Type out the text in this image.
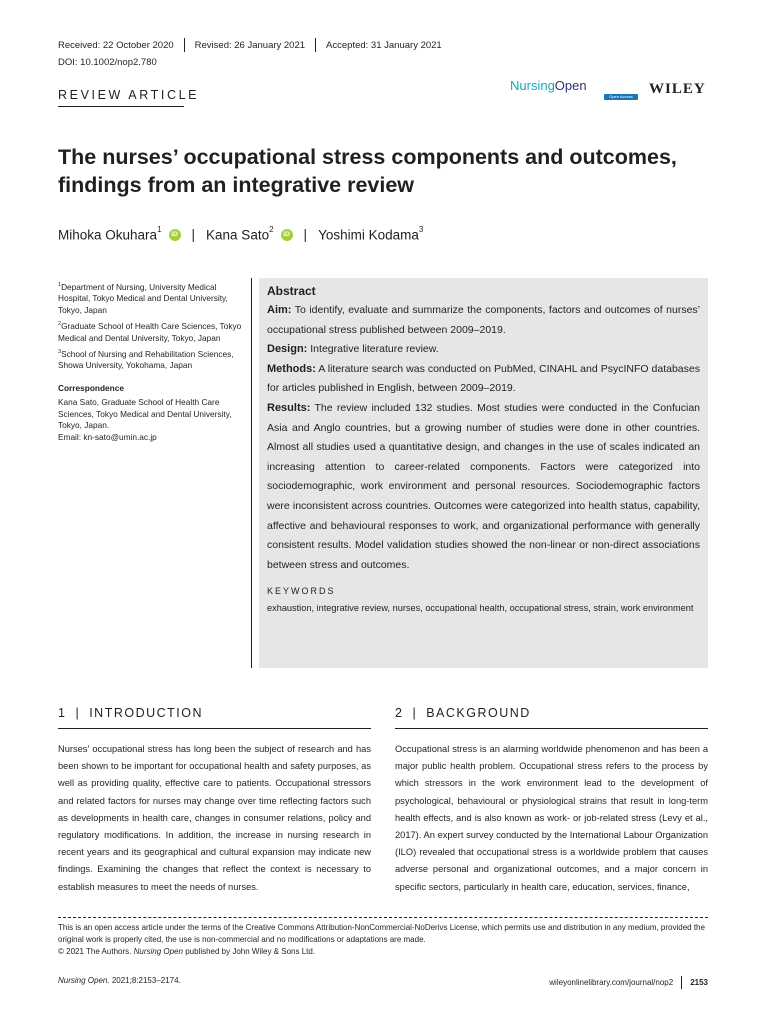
Received: 22 October 2020 Revised: 26 January 2021 Accepted: 31 January 2021
DOI: 10.1002/nop2.780
REVIEW ARTICLE
NursingOpen
Open Access	WILEY
The nurses’ occupational stress components and outcomes, findings from an integrative review
Mihoka Okuhara$^1$
iD | Kana Sato$^2$
iD | Yoshimi Kodama$^3$

$^1$Department of Nursing, University Medical Hospital, Tokyo Medical and Dental University, Tokyo, Japan

$^2$Graduate School of Health Care Sciences, Tokyo Medical and Dental University, Tokyo, Japan

$^3$School of Nursing and Rehabilitation Sciences, Showa University, Yokohama, Japan

Correspondence

Kana Sato, Graduate School of Health Care Sciences, Tokyo Medical and Dental University, Tokyo, Japan.
Email: kn-sato@umin.ac.jp

Abstract

Aim: To identify, evaluate and summarize the components, factors and outcomes of nurses’ occupational stress published between 2009–2019.

Design: Integrative literature review.

Methods: A literature search was conducted on PubMed, CINAHL and PsycINFO databases for articles published in English, between 2009–2019.

Results: The review included 132 studies. Most studies were conducted in the Confucian Asia and Anglo countries, but a growing number of studies were done in other countries. Almost all studies used a quantitative design, and changes in the use of scales indicated an increasing attention to career-related components. Factors were categorized into sociodemographic, work environment and personal resources. Sociodemographic factors were inconsistent across countries. Outcomes were categorized into health status, capability, affective and behavioural responses to work, and organizational performance with generally consistent results. Model validation studies showed the non-linear or non-direct associations between stress and outcomes.

KEYWORDS
exhaustion, integrative review, nurses, occupational health, occupational stress, strain, work environment
1 | INTRODUCTION	2 | BACKGROUND

Nurses' occupational stress has long been the subject of research and has been shown to be important for occupational health and safety purposes, as well as providing quality, effective care to patients. Occupational stressors and related factors for nurses may change over time reflecting factors such as developments in health care, changes in consumer relations, policy and regulatory modifications. In addition, the increase in nursing research in recent years and its geographical and cultural expansion may indicate new findings. Examining the changes that reflect the context is necessary to establish measures to meet the needs of nurses.

Occupational stress is an alarming worldwide phenomenon and has been a major public health problem. Occupational stress refers to the process by which stressors in the work environment lead to the development of psychological, behavioural or physiological strains that result in long-term health effects, and is also known as work- or job-related stress (Levy et al., 2017). An expert survey conducted by the International Labour Organization (ILO) revealed that occupational stress is a worldwide problem that causes adverse personal and organizational outcomes, and a major concern in specific sectors, particularly in health care, education, services, finance,

This is an open access article under the terms of the Creative Commons Attribution-NonCommercial-NoDerivs License, which permits use and distribution in any medium, provided the original work is properly cited, the use is non-commercial and no modifications or adaptations are made.

© 2021 The Authors. Nursing Open published by John Wiley & Sons Ltd.

Nursing Open. 2021;8:2153–2174.	wileyonlinelibrary.com/journal/nop2 2153
